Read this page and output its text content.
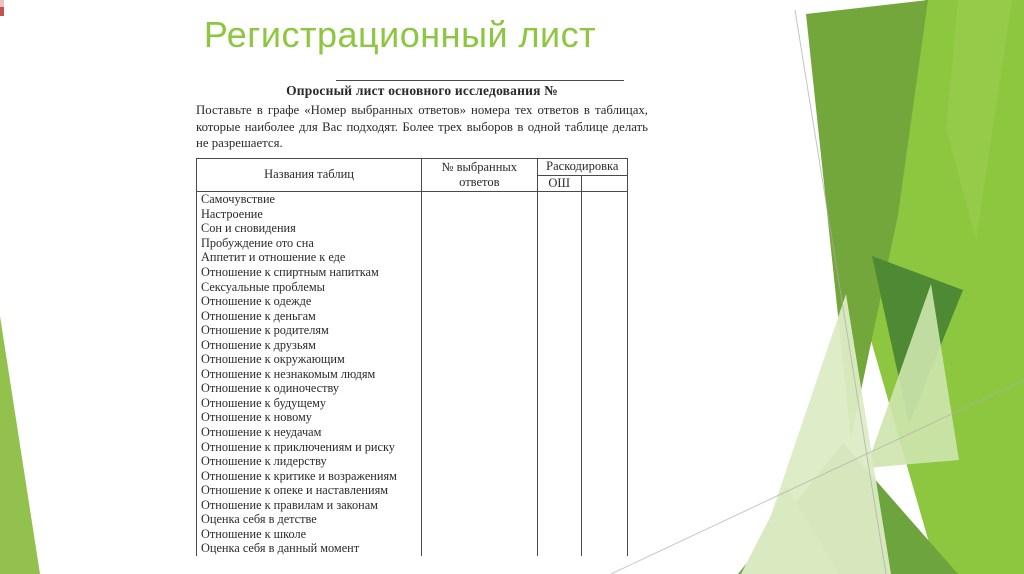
Регистрационный лист
Опросный лист основного исследования №
Поставьте в графе «Номер выбранных ответов» номера тех ответов в таблицах, которые наиболее для Вас подходят. Более трех выборов в одной таблице делать не разрешается.
Названия таблиц	№ выбранных ответов	Раскодировка	
		ОШ	

Самочувствие
Настроение
Сон и сновидения
Пробуждение ото сна
Аппетит и отношение к еде
Отношение к спиртным напиткам
Сексуальные проблемы
Отношение к одежде
Отношение к деньгам
Отношение к родителям
Отношение к друзьям
Отношение к окружающим
Отношение к незнакомым людям
Отношение к одиночеству
Отношение к будущему
Отношение к новому
Отношение к неудачам
Отношение к приключениям и риску
Отношение к лидерству
Отношение к критике и возражениям
Отношение к опеке и наставлениям
Отношение к правилам и законам
Оценка себя в детстве
Отношение к школе
Оценка себя в данный момент
